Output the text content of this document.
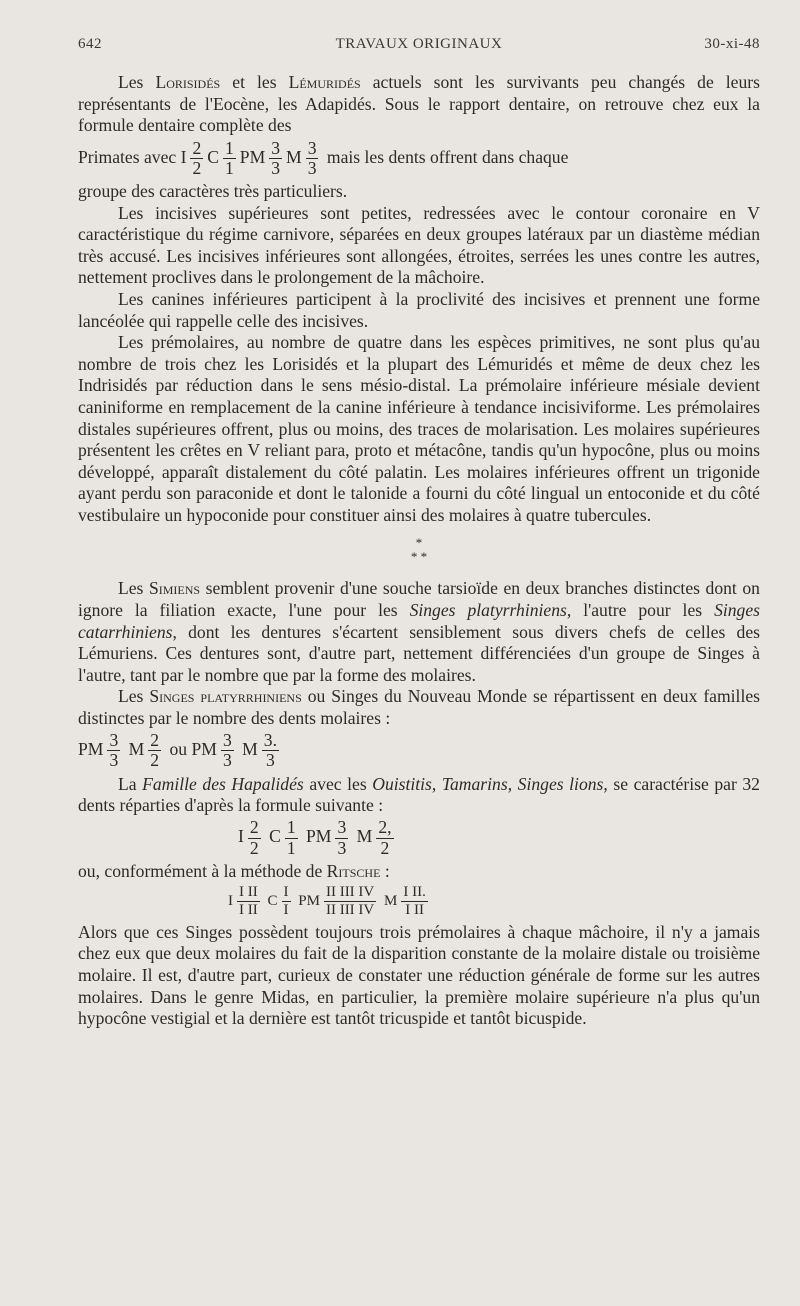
642	TRAVAUX ORIGINAUX	30-xi-48

Les Lorisidés et les Lémuridés actuels sont les survivants peu changés de leurs représentants de l'Eocène, les Adapidés. Sous le rapport dentaire, on retrouve chez eux la formule dentaire complète des

Primates avec I $\frac{2}{2}$ C $\frac{1}{1}$ PM $\frac{3}{3}$ M $\frac{3}{3}$ mais les dents offrent dans chaque

groupe des caractères très particuliers.

Les incisives supérieures sont petites, redressées avec le contour coronaire en V caractéristique du régime carnivore, séparées en deux groupes latéraux par un diastème médian très accusé. Les incisives inférieures sont allongées, étroites, serrées les unes contre les autres, nettement proclives dans le prolongement de la mâchoire.

Les canines inférieures participent à la proclivité des incisives et prennent une forme lancéolée qui rappelle celle des incisives.

Les prémolaires, au nombre de quatre dans les espèces primitives, ne sont plus qu'au nombre de trois chez les Lorisidés et la plupart des Lémuridés et même de deux chez les Indrisidés par réduction dans le sens mésio-distal. La prémolaire inférieure mésiale devient caniniforme en remplacement de la canine inférieure à tendance incisiviforme. Les prémolaires distales supérieures offrent, plus ou moins, des traces de molarisation. Les molaires supérieures présentent les crêtes en V reliant para, proto et métacône, tandis qu'un hypocône, plus ou moins développé, apparaît distalement du côté palatin. Les molaires inférieures offrent un trigonide ayant perdu son paraconide et dont le talonide a fourni du côté lingual un entoconide et du côté vestibulaire un hypoconide pour constituer ainsi des molaires à quatre tubercules.

*
* *

Les Simiens semblent provenir d'une souche tarsioïde en deux branches distinctes dont on ignore la filiation exacte, l'une pour les Singes platyrrhiniens, l'autre pour les Singes catarrhiniens, dont les dentures s'écartent sensiblement sous divers chefs de celles des Lémuriens. Ces dentures sont, d'autre part, nettement différenciées d'un groupe de Singes à l'autre, tant par le nombre que par la forme des molaires.

Les Singes platyrrhiniens ou Singes du Nouveau Monde se répartissent en deux familles distinctes par le nombre des dents molaires :

PM $\frac{3}{3}$ M $\frac{2}{2}$ ou PM $\frac{3}{3}$ M $\frac{3.}{3}$

La Famille des Hapalidés avec les Ouistitis, Tamarins, Singes lions, se caractérise par 32 dents réparties d'après la formule suivante :

I $\frac{2}{2}$ C $\frac{1}{1}$ PM $\frac{3}{3}$ M $\frac{2,}{2}$

ou, conformément à la méthode de Ritsche :

I $\frac{\text{I II}}{\text{I II}}$ C $\frac{I}{I}$ PM $\frac{\text{II III IV}}{\text{II III IV}}$ M $\frac{\text{I II.}}{\text{I II}}$

Alors que ces Singes possèdent toujours trois prémolaires à chaque mâchoire, il n'y a jamais chez eux que deux molaires du fait de la disparition constante de la molaire distale ou troisième molaire. Il est, d'autre part, curieux de constater une réduction générale de forme sur les autres molaires. Dans le genre Midas, en particulier, la première molaire supérieure n'a plus qu'un hypocône vestigial et la dernière est tantôt tricuspide et tantôt bicuspide.
